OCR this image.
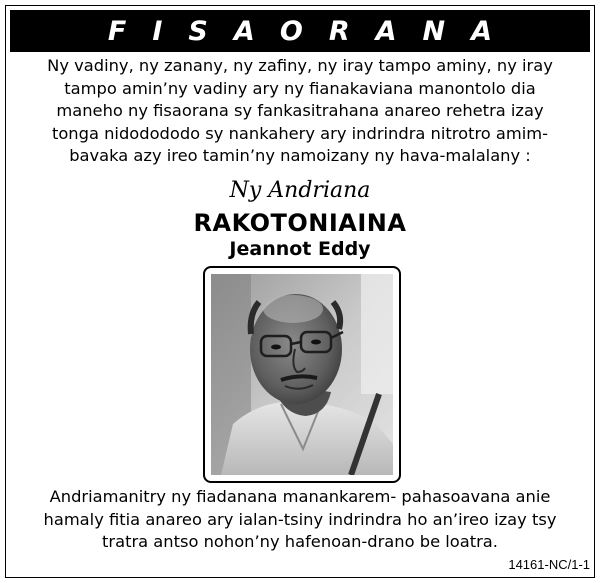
FISAORANA

Ny vadiny, ny zanany, ny zafiny, ny iray tampo aminy, ny iray
tampo amin’ny vadiny ary ny fianakaviana manontolo dia
maneho ny fisaorana sy fankasitrahana anareo rehetra izay
tonga nidodododo sy nankahery ary indrindra nitrotro amim-
bavaka azy ireo tamin’ny namoizany ny hava-malalany :

Ny Andriana
RAKOTONIAINA
Jeannot Eddy

Andriamanitry ny fiadanana manankarem- pahasoavana anie
hamaly fitia anareo ary ialan-tsiny indrindra ho an’ireo izay tsy
tratra antso nohon’ny hafenoan-drano be loatra.

14161-NC/1-1
